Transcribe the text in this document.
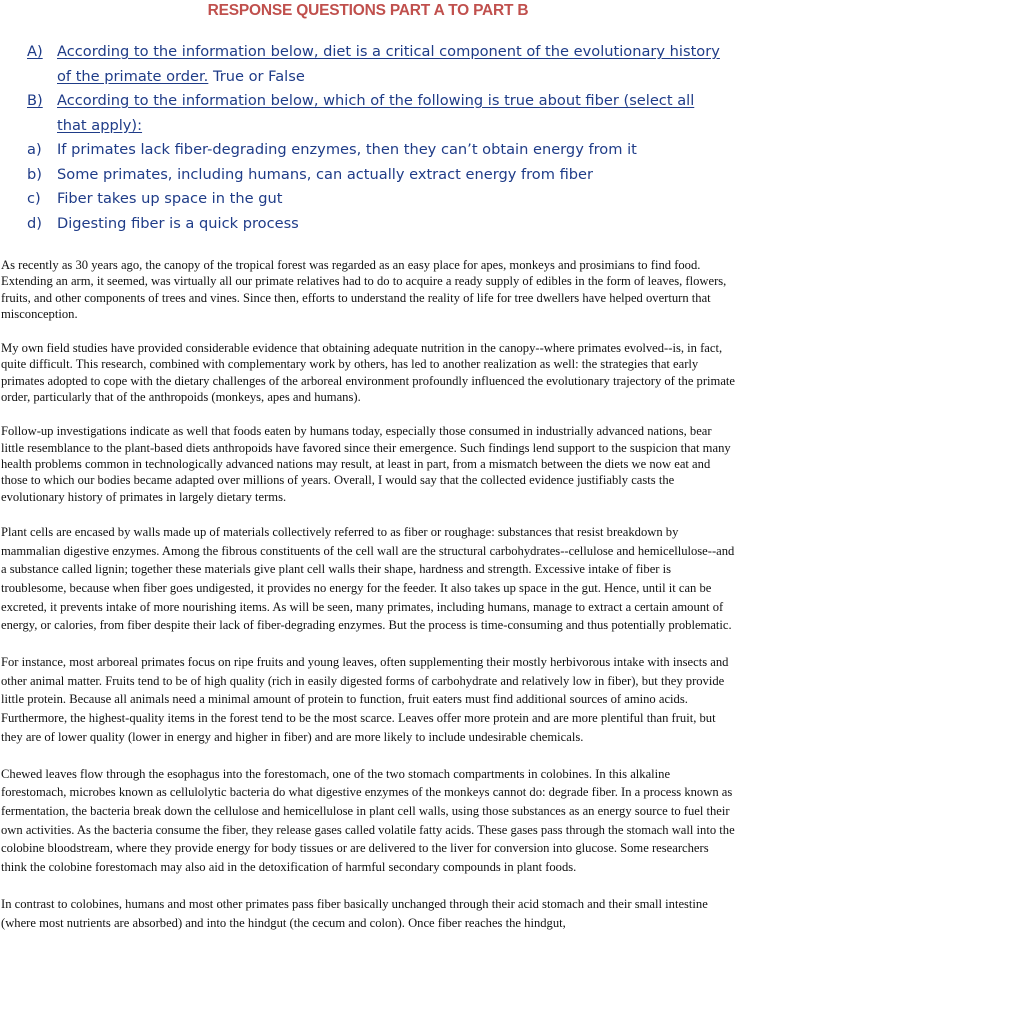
RESPONSE QUESTIONS PART A TO PART B
A) According to the information below, diet is a critical component of the evolutionary history of the primate order. True or False
B) According to the information below, which of the following is true about fiber (select all that apply):
a)	If primates lack fiber-degrading enzymes, then they can’t obtain energy from it
b)	Some primates, including humans, can actually extract energy from fiber
c)	Fiber takes up space in the gut
d)	Digesting fiber is a quick process

As recently as 30 years ago, the canopy of the tropical forest was regarded as an easy place for apes, monkeys and prosimians to find food. Extending an arm, it seemed, was virtually all our primate relatives had to do to acquire a ready supply of edibles in the form of leaves, flowers, fruits, and other components of trees and vines. Since then, efforts to understand the reality of life for tree dwellers have helped overturn that misconception.

My own field studies have provided considerable evidence that obtaining adequate nutrition in the canopy--where primates evolved--is, in fact, quite difficult. This research, combined with complementary work by others, has led to another realization as well: the strategies that early primates adopted to cope with the dietary challenges of the arboreal environment profoundly influenced the evolutionary trajectory of the primate order, particularly that of the anthropoids (monkeys, apes and humans).

Follow-up investigations indicate as well that foods eaten by humans today, especially those consumed in industrially advanced nations, bear little resemblance to the plant-based diets anthropoids have favored since their emergence. Such findings lend support to the suspicion that many health problems common in technologically advanced nations may result, at least in part, from a mismatch between the diets we now eat and those to which our bodies became adapted over millions of years. Overall, I would say that the collected evidence justifiably casts the evolutionary history of primates in largely dietary terms.

Plant cells are encased by walls made up of materials collectively referred to as fiber or roughage: substances that resist breakdown by mammalian digestive enzymes. Among the fibrous constituents of the cell wall are the structural carbohydrates--cellulose and hemicellulose--and a substance called lignin; together these materials give plant cell walls their shape, hardness and strength. Excessive intake of fiber is troublesome, because when fiber goes undigested, it provides no energy for the feeder. It also takes up space in the gut. Hence, until it can be excreted, it prevents intake of more nourishing items. As will be seen, many primates, including humans, manage to extract a certain amount of energy, or calories, from fiber despite their lack of fiber-degrading enzymes. But the process is time-consuming and thus potentially problematic.

For instance, most arboreal primates focus on ripe fruits and young leaves, often supplementing their mostly herbivorous intake with insects and other animal matter. Fruits tend to be of high quality (rich in easily digested forms of carbohydrate and relatively low in fiber), but they provide little protein. Because all animals need a minimal amount of protein to function, fruit eaters must find additional sources of amino acids. Furthermore, the highest-quality items in the forest tend to be the most scarce. Leaves offer more protein and are more plentiful than fruit, but they are of lower quality (lower in energy and higher in fiber) and are more likely to include undesirable chemicals.

Chewed leaves flow through the esophagus into the forestomach, one of the two stomach compartments in colobines. In this alkaline forestomach, microbes known as cellulolytic bacteria do what digestive enzymes of the monkeys cannot do: degrade fiber. In a process known as fermentation, the bacteria break down the cellulose and hemicellulose in plant cell walls, using those substances as an energy source to fuel their own activities. As the bacteria consume the fiber, they release gases called volatile fatty acids. These gases pass through the stomach wall into the colobine bloodstream, where they provide energy for body tissues or are delivered to the liver for conversion into glucose. Some researchers think the colobine forestomach may also aid in the detoxification of harmful secondary compounds in plant foods.

In contrast to colobines, humans and most other primates pass fiber basically unchanged through their acid stomach and their small intestine (where most nutrients are absorbed) and into the hindgut (the cecum and colon). Once fiber reaches the hindgut,
